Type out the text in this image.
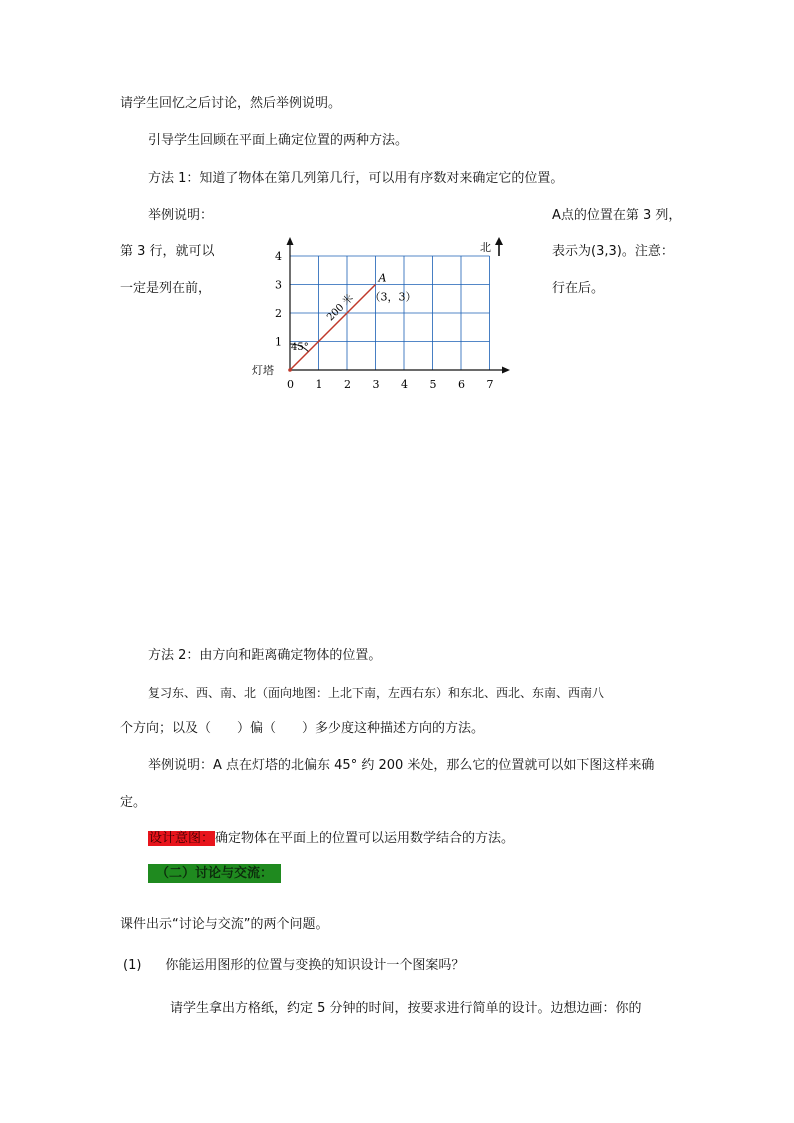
请学生回忆之后讨论，然后举例说明。
引导学生回顾在平面上确定位置的两种方法。
方法 1：知道了物体在第几列第几行，可以用有序数对来确定它的位置。
举例说明：	A点的位置在第 3 列，
第 3 行，就可以	表示为(3,3)。注意：
一定是列在前，	行在后。
0 1 2 3 4 5 6 7
1
2
3
4
A
（3，3）
200 米
45°
灯塔
北
方法 2：由方向和距离确定物体的位置。
复习东、西、南、北（面向地图：上北下南，左西右东）和东北、西北、东南、西南八
个方向；以及（　　）偏（　　）多少度这种描述方向的方法。
举例说明：A 点在灯塔的北偏东 45° 约 200 米处，那么它的位置就可以如下图这样来确
定。
设计意图：确定物体在平面上的位置可以运用数学结合的方法。
（二）讨论与交流：
课件出示“讨论与交流”的两个问题。
(1) 你能运用图形的位置与变换的知识设计一个图案吗？
请学生拿出方格纸，约定 5 分钟的时间，按要求进行简单的设计。边想边画：你的
